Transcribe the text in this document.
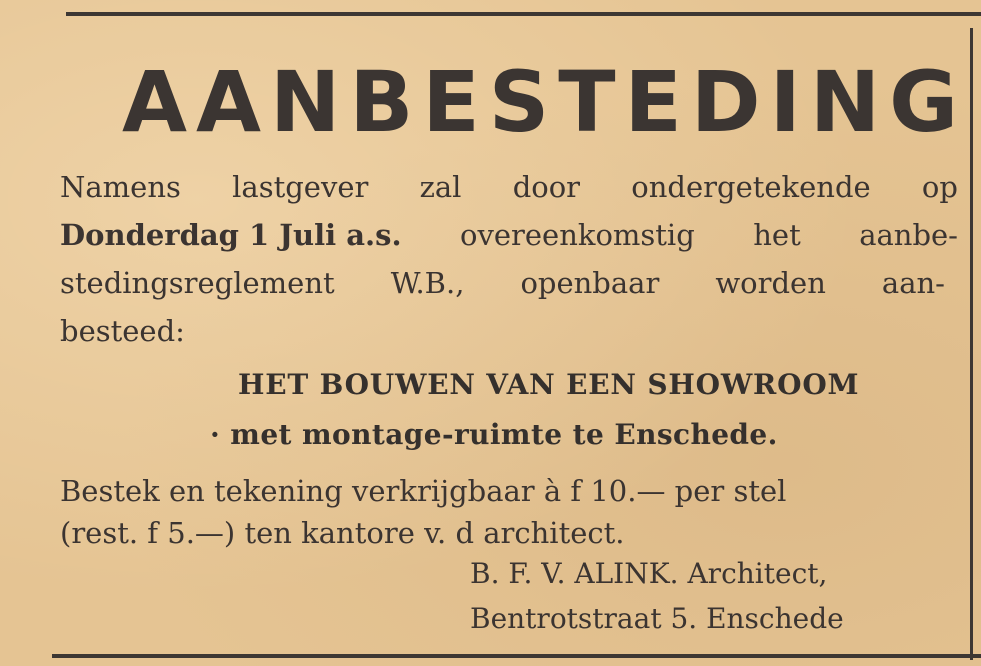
AANBESTEDING
Namens lastgever zal door ondergetekende op
Donderdag 1 Juli a.s. overeenkomstig het aanbe-
stedingsreglement W.B., openbaar worden aan-
besteed:
HET BOUWEN VAN EEN SHOWROOM
· met montage-ruimte te Enschede.
Bestek en tekening verkrijgbaar à f 10.— per stel
(rest. f 5.—) ten kantore v. d architect.
B. F. V. ALINK. Architect,
Bentrotstraat 5. Enschede
